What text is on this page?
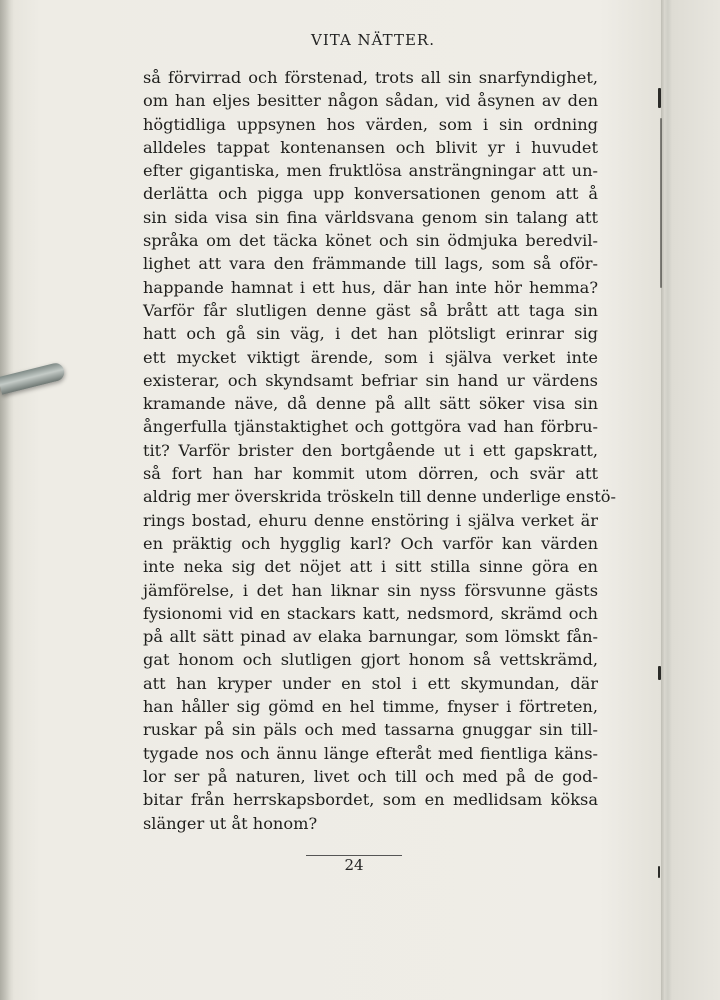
VITA NÄTTER.
så förvirrad och förstenad, trots all sin snarfyndighet,
om han eljes besitter någon sådan, vid åsynen av den
högtidliga uppsynen hos värden, som i sin ordning
alldeles tappat kontenansen och blivit yr i huvudet
efter gigantiska, men fruktlösa ansträngningar att un-
derlätta och pigga upp konversationen genom att å
sin sida visa sin fina världsvana genom sin talang att
språka om det täcka könet och sin ödmjuka beredvil-
lighet att vara den främmande till lags, som så oför-
happande hamnat i ett hus, där han inte hör hemma?
Varför får slutligen denne gäst så brått att taga sin
hatt och gå sin väg, i det han plötsligt erinrar sig
ett mycket viktigt ärende, som i själva verket inte
existerar, och skyndsamt befriar sin hand ur värdens
kramande näve, då denne på allt sätt söker visa sin
ångerfulla tjänstaktighet och gottgöra vad han förbru-
tit? Varför brister den bortgående ut i ett gapskratt,
så fort han har kommit utom dörren, och svär att
aldrig mer överskrida tröskeln till denne underlige enstö-
rings bostad, ehuru denne enstöring i själva verket är
en präktig och hygglig karl? Och varför kan värden
inte neka sig det nöjet att i sitt stilla sinne göra en
jämförelse, i det han liknar sin nyss försvunne gästs
fysionomi vid en stackars katt, nedsmord, skrämd och
på allt sätt pinad av elaka barnungar, som lömskt fån-
gat honom och slutligen gjort honom så vettskrämd,
att han kryper under en stol i ett skymundan, där
han håller sig gömd en hel timme, fnyser i förtreten,
ruskar på sin päls och med tassarna gnuggar sin till-
tygade nos och ännu länge efteråt med fientliga käns-
lor ser på naturen, livet och till och med på de god-
bitar från herrskapsbordet, som en medlidsam köksa
slänger ut åt honom?
24
